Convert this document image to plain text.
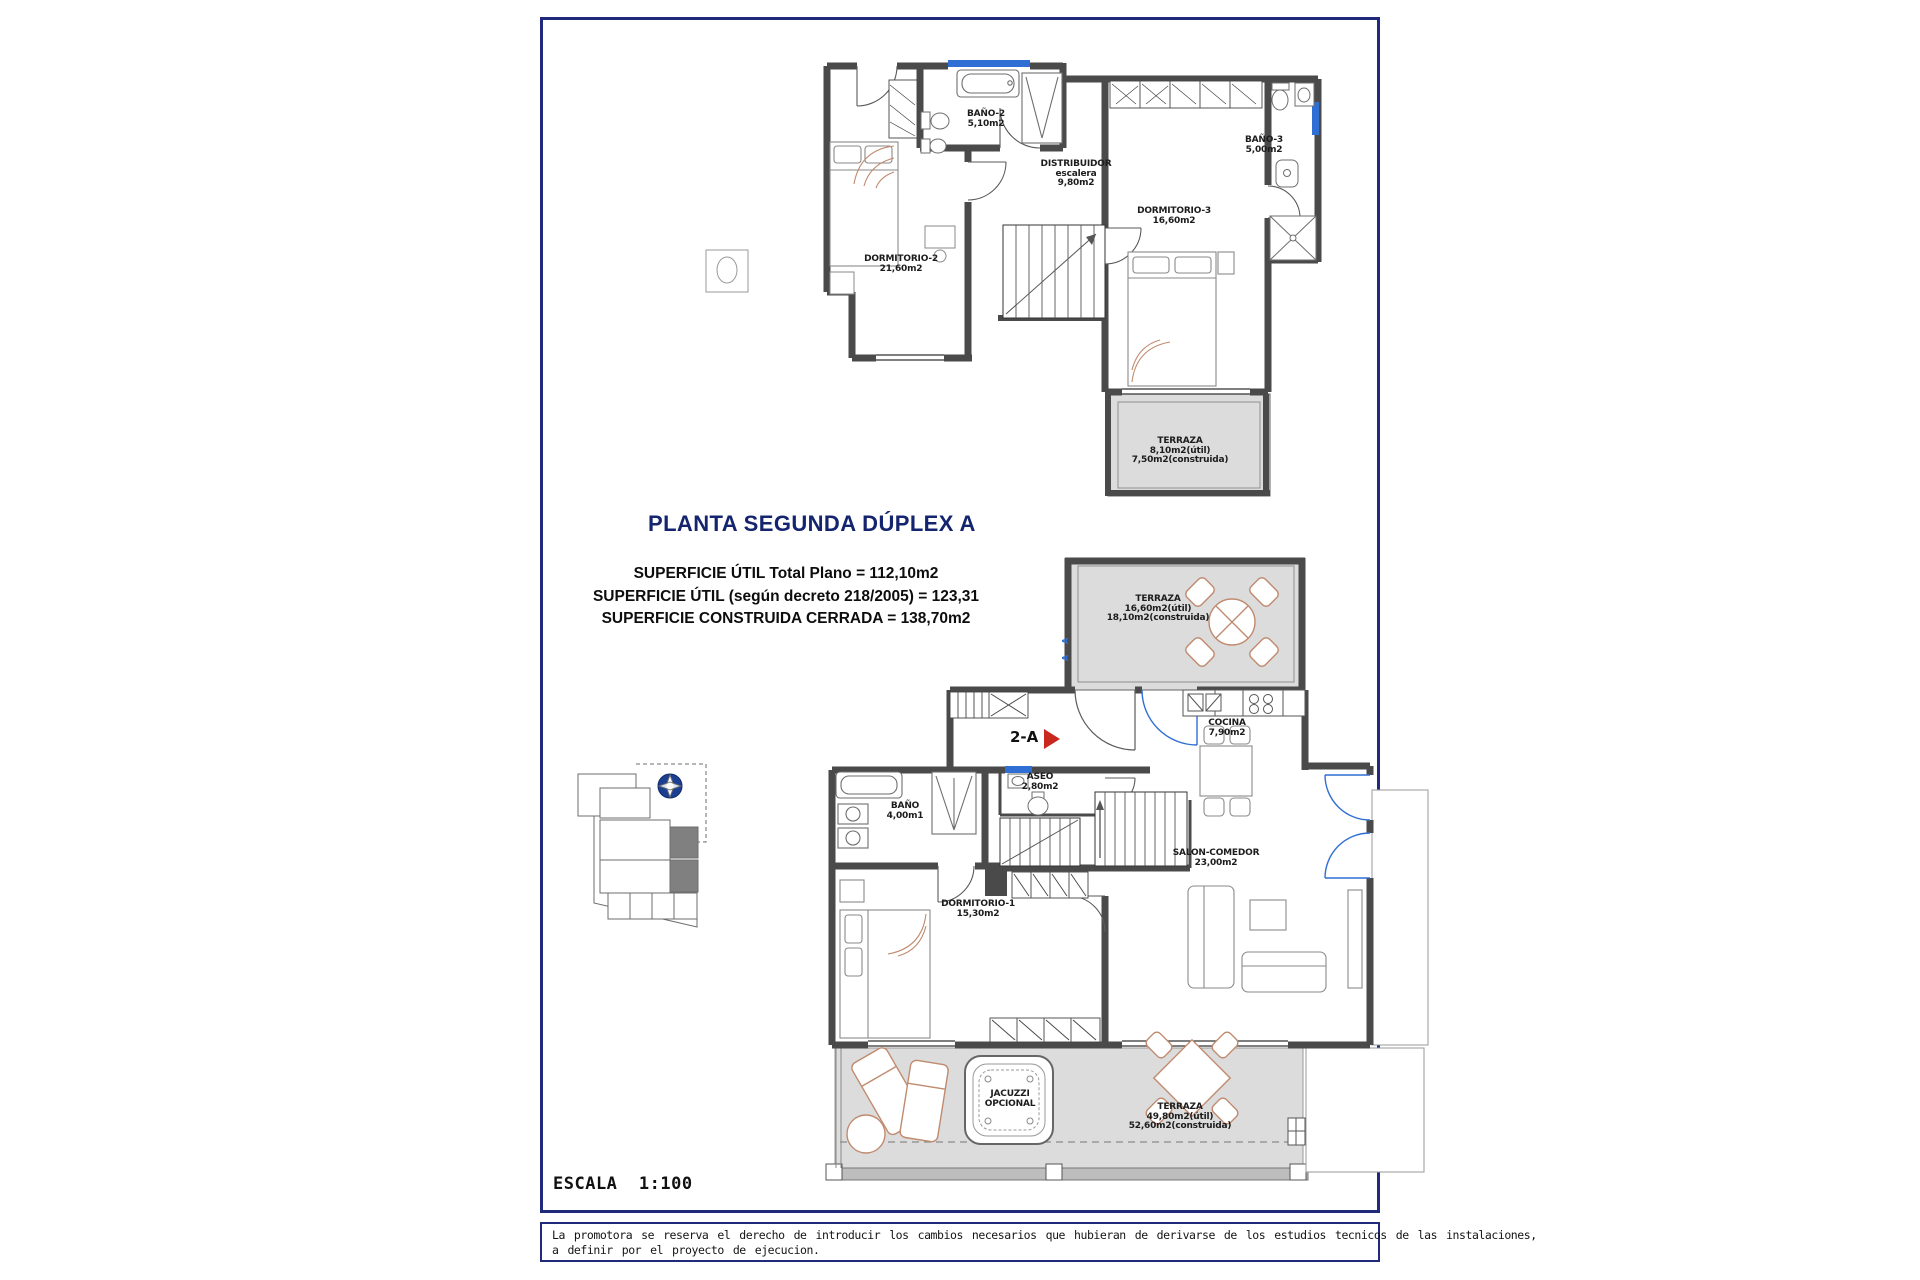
PLANTA SEGUNDA DÚPLEX A
SUPERFICIE ÚTIL Total Plano = 112,10m2
SUPERFICIE ÚTIL (según decreto 218/2005) = 123,31
SUPERFICIE CONSTRUIDA CERRADA = 138,70m2
ESCALA  1:100
2-A
A A
BAÑO-2
5,10m2
DISTRIBUIDOR
escalera
9,80m2
BAÑO-3
5,00m2
DORMITORIO-3
16,60m2
DORMITORIO-2
21,60m2
TERRAZA
8,10m2(útil)
7,50m2(construida)
TERRAZA
16,60m2(útil)
18,10m2(construida)
COCINA
7,90m2
ASEO
2,80m2
BAÑO
4,00m1
SALON-COMEDOR
23,00m2
DORMITORIO-1
15,30m2
JACUZZI
OPCIONAL	TERRAZA
49,80m2(útil)
52,60m2(construida)
La promotora se reserva el derecho de introducir los cambios necesarios que hubieran de derivarse de los estudios tecnicos de las instalaciones,
a definir por el proyecto de ejecucion.
